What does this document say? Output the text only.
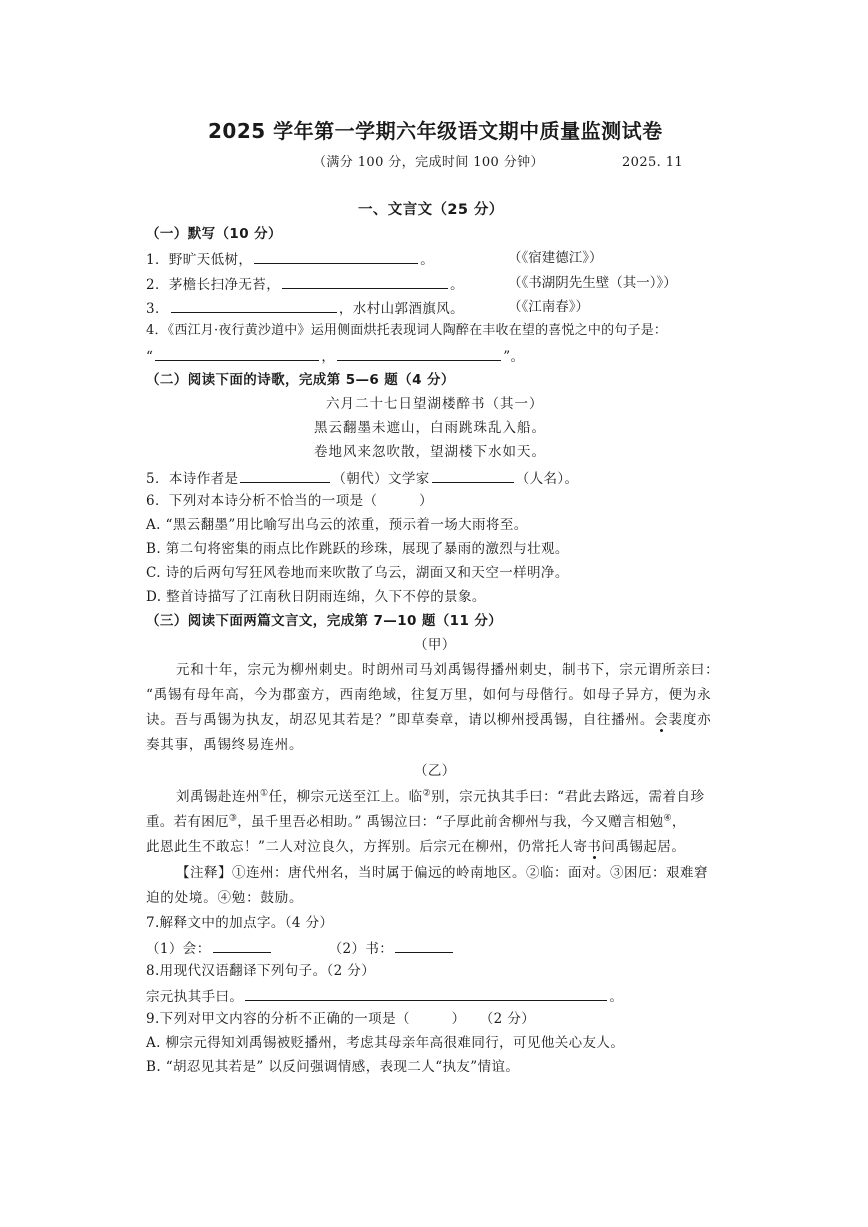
2025 学年第一学期六年级语文期中质量监测试卷
（满分 100 分，完成时间 100 分钟）	2025. 11
一、文言文（25 分）
（一）默写（10 分）
1．野旷天低树，	。	（《宿建德江》）
2．茅檐长扫净无苔，	。	（《书湖阴先生壁（其一）》）
3．	，水村山郭酒旗风。	（《江南春》）
4．《西江月·夜行黄沙道中》运用侧面烘托表现词人陶醉在丰收在望的喜悦之中的句子是：
“	，	”。
（二）阅读下面的诗歌，完成第 5—6 题（4 分）
六月二十七日望湖楼醉书（其一）
黑云翻墨未遮山，白雨跳珠乱入船。
卷地风来忽吹散，望湖楼下水如天。
5．本诗作者是	（朝代）文学家	（人名）。
6．下列对本诗分析不恰当的一项是（　　　）
A. “黑云翻墨”用比喻写出乌云的浓重，预示着一场大雨将至。
B. 第二句将密集的雨点比作跳跃的珍珠，展现了暴雨的激烈与壮观。
C. 诗的后两句写狂风卷地而来吹散了乌云，湖面又和天空一样明净。
D. 整首诗描写了江南秋日阴雨连绵，久下不停的景象。
（三）阅读下面两篇文言文，完成第 7—10 题（11 分）
（甲）
元和十年，宗元为柳州刺史。时朗州司马刘禹锡得播州刺史，制书下，宗元谓所亲曰：
“禹锡有母年高，今为郡蛮方，西南绝域，往复万里，如何与母偕行。如母子异方，便为永
诀。吾与禹锡为执友，胡忍见其若是？”即草奏章，请以柳州授禹锡，自往播州。会裴度亦
奏其事，禹锡终易连州。
（乙）
刘禹锡赴连州①任，柳宗元送至江上。临②别，宗元执其手曰：“君此去路远，需着自珍
重。若有困厄③，虽千里吾必相助。” 禹锡泣曰：“子厚此前舍柳州与我，今又赠言相勉④，
此恩此生不敢忘！”二人对泣良久，方挥别。后宗元在柳州，仍常托人寄书问禹锡起居。
【注释】①连州：唐代州名，当时属于偏远的岭南地区。②临：面对。③困厄：艰难窘
迫的处境。④勉：鼓励。
7.解释文中的加点字。（4 分）
（1）会：	（2）书：
8.用现代汉语翻译下列句子。（2 分）
宗元执其手曰。	。
9.下列对甲文内容的分析不正确的一项是（　　　）　　（2 分）
A. 柳宗元得知刘禹锡被贬播州，考虑其母亲年高很难同行，可见他关心友人。
B. “胡忍见其若是” 以反问强调情感，表现二人“执友”情谊。
